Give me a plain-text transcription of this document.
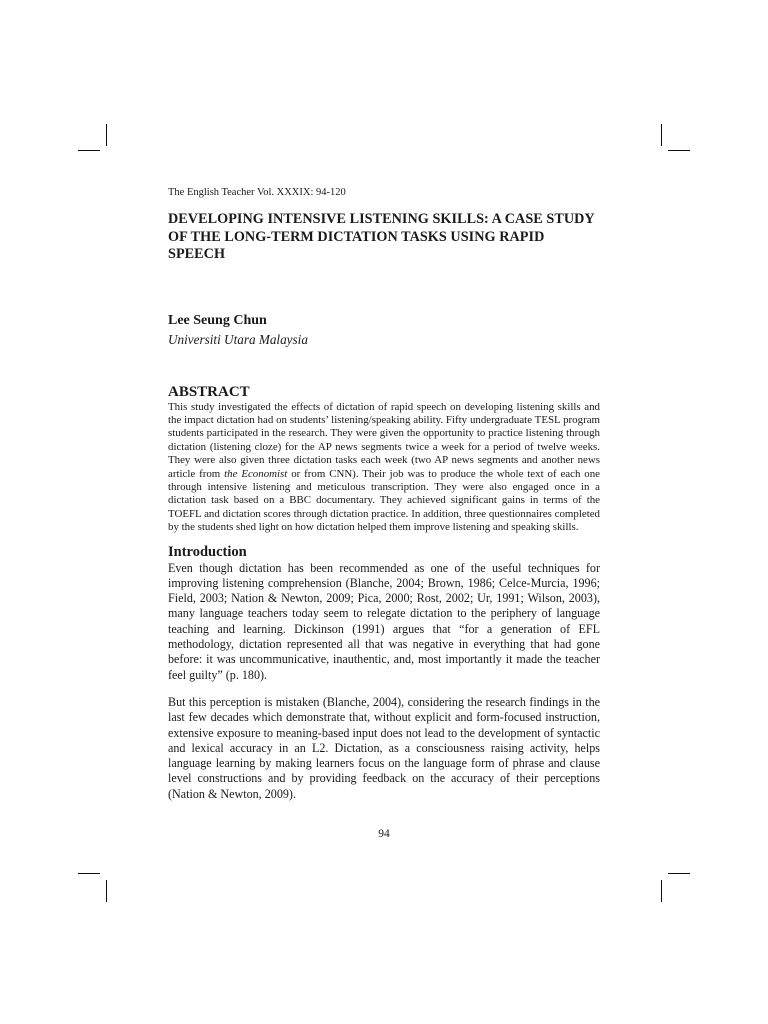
The English Teacher Vol. XXXIX: 94-120

DEVELOPING INTENSIVE LISTENING SKILLS: A CASE STUDY OF THE LONG-TERM DICTATION TASKS USING RAPID SPEECH

Lee Seung Chun

Universiti Utara Malaysia

ABSTRACT

This study investigated the effects of dictation of rapid speech on developing listening skills and the impact dictation had on students’ listening/speaking ability. Fifty undergraduate TESL program students participated in the research. They were given the opportunity to practice listening through dictation (listening cloze) for the AP news segments twice a week for a period of twelve weeks. They were also given three dictation tasks each week (two AP news segments and another news article from the Economist or from CNN). Their job was to produce the whole text of each one through intensive listening and meticulous transcription. They were also engaged once in a dictation task based on a BBC documentary. They achieved significant gains in terms of the TOEFL and dictation scores through dictation practice. In addition, three questionnaires completed by the students shed light on how dictation helped them improve listening and speaking skills.

Introduction

Even though dictation has been recommended as one of the useful techniques for improving listening comprehension (Blanche, 2004; Brown, 1986; Celce-Murcia, 1996; Field, 2003; Nation & Newton, 2009; Pica, 2000; Rost, 2002; Ur, 1991; Wilson, 2003), many language teachers today seem to relegate dictation to the periphery of language teaching and learning. Dickinson (1991) argues that “for a generation of EFL methodology, dictation represented all that was negative in everything that had gone before: it was uncommunicative, inauthentic, and, most importantly it made the teacher feel guilty” (p. 180).

But this perception is mistaken (Blanche, 2004), considering the research findings in the last few decades which demonstrate that, without explicit and form-focused instruction, extensive exposure to meaning-based input does not lead to the development of syntactic and lexical accuracy in an L2. Dictation, as a consciousness raising activity, helps language learning by making learners focus on the language form of phrase and clause level constructions and by providing feedback on the accuracy of their perceptions (Nation & Newton, 2009).

94
